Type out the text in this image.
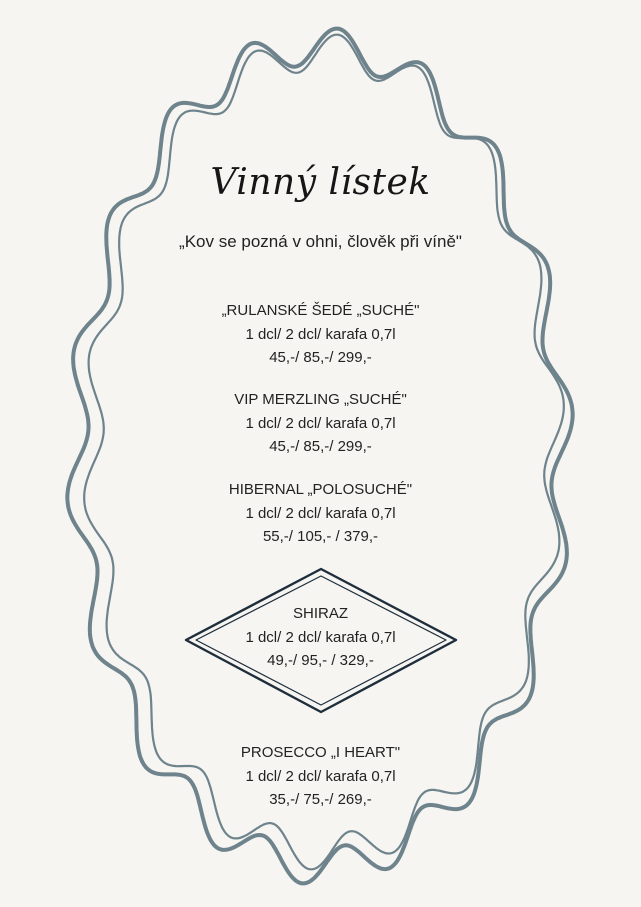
Vinný lístek
„Kov se pozná v ohni, člověk při víně"
„RULANSKÉ ŠEDÉ „SUCHÉ"
1 dcl/ 2 dcl/ karafa 0,7l
45,-/ 85,-/ 299,-
VIP MERZLING „SUCHÉ"
1 dcl/ 2 dcl/ karafa 0,7l
45,-/ 85,-/ 299,-
HIBERNAL „POLOSUCHÉ"
1 dcl/ 2 dcl/ karafa 0,7l
55,-/ 105,- / 379,-
SHIRAZ
1 dcl/ 2 dcl/ karafa 0,7l
49,-/ 95,- / 329,-
PROSECCO „I HEART"
1 dcl/ 2 dcl/ karafa 0,7l
35,-/ 75,-/ 269,-
